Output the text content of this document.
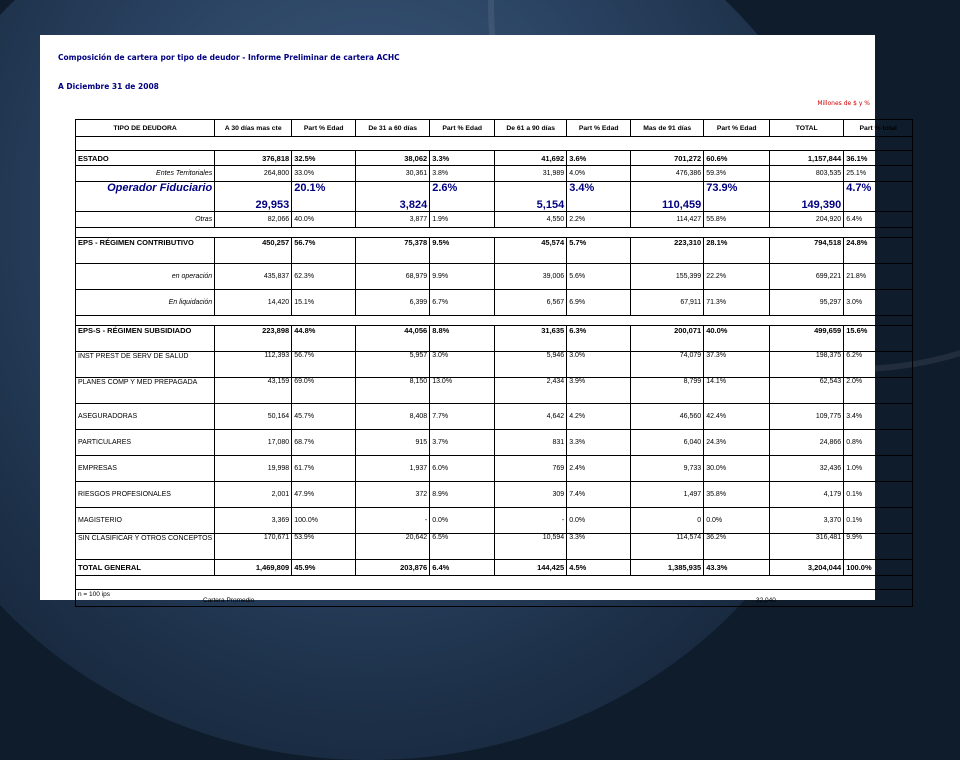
Composición de cartera por tipo de deudor - Informe Preliminar de cartera ACHC
A Diciembre 31 de 2008
Millones de $ y %
TIPO DE DEUDORA	A 30 días mas cte	Part % Edad	De 31 a 60 días	Part % Edad	De 61 a 90 días	Part % Edad	Mas de 91 días	Part % Edad	TOTAL	Part % total

ESTADO	376,818	32.5%	38,062	3.3%	41,692	3.6%	701,272	60.6%	1,157,844	36.1%
Entes Territoriales	264,800	33.0%	30,361	3.8%	31,989	4.0%	476,386	59.3%	803,535	25.1%
Operador Fiduciario	29,953	20.1%	3,824	2.6%	5,154	3.4%	110,459	73.9%	149,390	4.7%
Otras	82,066	40.0%	3,877	1.9%	4,550	2.2%	114,427	55.8%	204,920	6.4%

EPS - RÉGIMEN CONTRIBUTIVO	450,257	56.7%	75,378	9.5%	45,574	5.7%	223,310	28.1%	794,518	24.8%
en operación	435,837	62.3%	68,979	9.9%	39,006	5.6%	155,399	22.2%	699,221	21.8%
En liquidación	14,420	15.1%	6,399	6.7%	6,567	6.9%	67,911	71.3%	95,297	3.0%

EPS-S - RÉGIMEN SUBSIDIADO	223,898	44.8%	44,056	8.8%	31,635	6.3%	200,071	40.0%	499,659	15.6%
INST PREST DE SERV DE SALUD	112,393	56.7%	5,957	3.0%	5,946	3.0%	74,079	37.3%	198,375	6.2%
PLANES COMP Y MED PREPAGADA	43,159	69.0%	8,150	13.0%	2,434	3.9%	8,799	14.1%	62,543	2.0%
ASEGURADORAS	50,164	45.7%	8,408	7.7%	4,642	4.2%	46,560	42.4%	109,775	3.4%
PARTICULARES	17,080	68.7%	915	3.7%	831	3.3%	6,040	24.3%	24,866	0.8%
EMPRESAS	19,998	61.7%	1,937	6.0%	769	2.4%	9,733	30.0%	32,436	1.0%
RIESGOS PROFESIONALES	2,001	47.9%	372	8.9%	309	7.4%	1,497	35.8%	4,179	0.1%
MAGISTERIO	3,369	100.0%	-	0.0%	-	0.0%	0	0.0%	3,370	0.1%
SIN CLASIFICAR Y OTROS CONCEPTOS	170,671	53.9%	20,642	6.5%	10,594	3.3%	114,574	36.2%	316,481	9.9%
TOTAL GENERAL	1,469,809	45.9%	203,876	6.4%	144,425	4.5%	1,385,935	43.3%	3,204,044	100.0%

n = 100 ips
Cartera Promedio 32,040										
